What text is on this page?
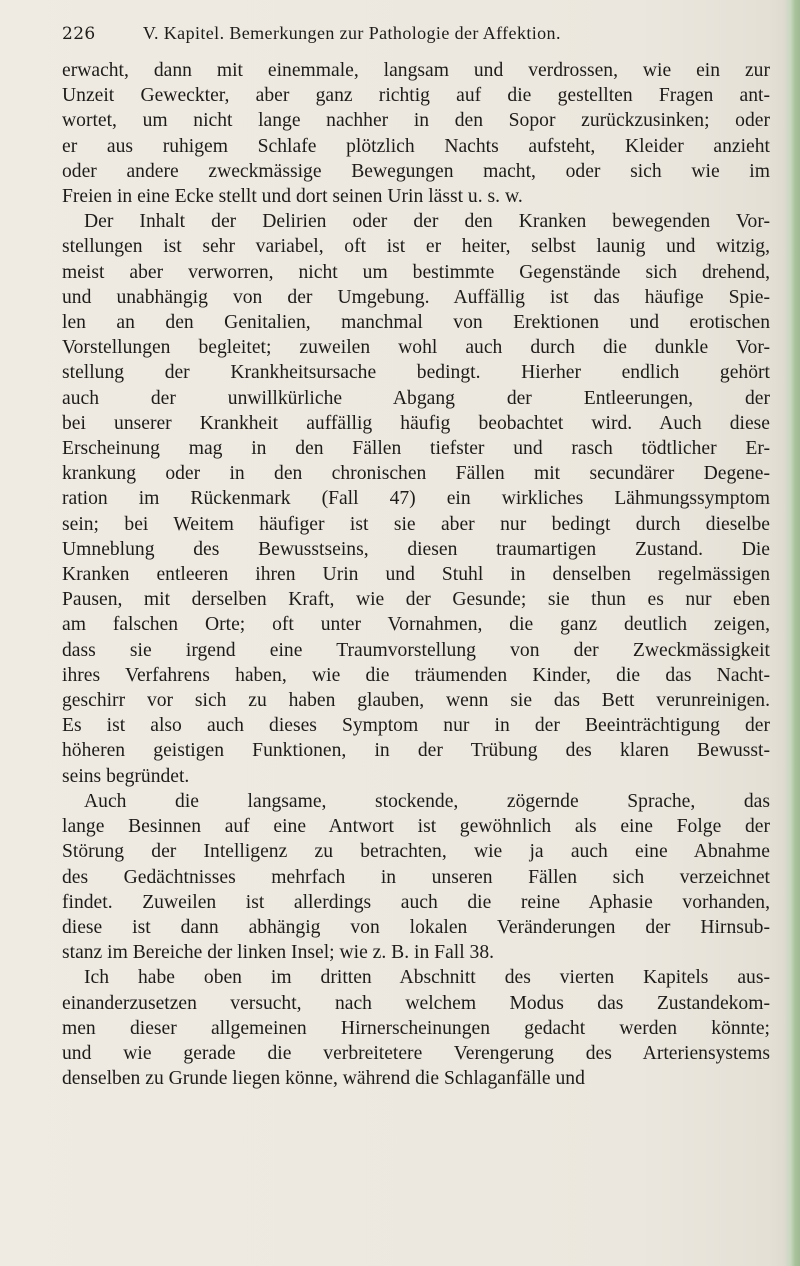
226	V. Kapitel. Bemerkungen zur Pathologie der Affektion.
erwacht, dann mit einemmale, langsam und verdrossen, wie ein zur
Unzeit Geweckter, aber ganz richtig auf die gestellten Fragen ant-
wortet, um nicht lange nachher in den Sopor zurückzusinken; oder
er aus ruhigem Schlafe plötzlich Nachts aufsteht, Kleider anzieht
oder andere zweckmässige Bewegungen macht, oder sich wie im
Freien in eine Ecke stellt und dort seinen Urin lässt u. s. w.
Der Inhalt der Delirien oder der den Kranken bewegenden Vor-
stellungen ist sehr variabel, oft ist er heiter, selbst launig und witzig,
meist aber verworren, nicht um bestimmte Gegenstände sich drehend,
und unabhängig von der Umgebung. Auffällig ist das häufige Spie-
len an den Genitalien, manchmal von Erektionen und erotischen
Vorstellungen begleitet; zuweilen wohl auch durch die dunkle Vor-
stellung der Krankheitsursache bedingt. Hierher endlich gehört
auch der unwillkürliche Abgang der Entleerungen, der
bei unserer Krankheit auffällig häufig beobachtet wird. Auch diese
Erscheinung mag in den Fällen tiefster und rasch tödtlicher Er-
krankung oder in den chronischen Fällen mit secundärer Degene-
ration im Rückenmark (Fall 47) ein wirkliches Lähmungssymptom
sein; bei Weitem häufiger ist sie aber nur bedingt durch dieselbe
Umneblung des Bewusstseins, diesen traumartigen Zustand. Die
Kranken entleeren ihren Urin und Stuhl in denselben regelmässigen
Pausen, mit derselben Kraft, wie der Gesunde; sie thun es nur eben
am falschen Orte; oft unter Vornahmen, die ganz deutlich zeigen,
dass sie irgend eine Traumvorstellung von der Zweckmässigkeit
ihres Verfahrens haben, wie die träumenden Kinder, die das Nacht-
geschirr vor sich zu haben glauben, wenn sie das Bett verunreinigen.
Es ist also auch dieses Symptom nur in der Beeinträchtigung der
höheren geistigen Funktionen, in der Trübung des klaren Bewusst-
seins begründet.
Auch die langsame, stockende, zögernde Sprache, das
lange Besinnen auf eine Antwort ist gewöhnlich als eine Folge der
Störung der Intelligenz zu betrachten, wie ja auch eine Abnahme
des Gedächtnisses mehrfach in unseren Fällen sich verzeichnet
findet. Zuweilen ist allerdings auch die reine Aphasie vorhanden,
diese ist dann abhängig von lokalen Veränderungen der Hirnsub-
stanz im Bereiche der linken Insel; wie z. B. in Fall 38.
Ich habe oben im dritten Abschnitt des vierten Kapitels aus-
einanderzusetzen versucht, nach welchem Modus das Zustandekom-
men dieser allgemeinen Hirnerscheinungen gedacht werden könnte;
und wie gerade die verbreitetere Verengerung des Arteriensystems
denselben zu Grunde liegen könne, während die Schlaganfälle und
